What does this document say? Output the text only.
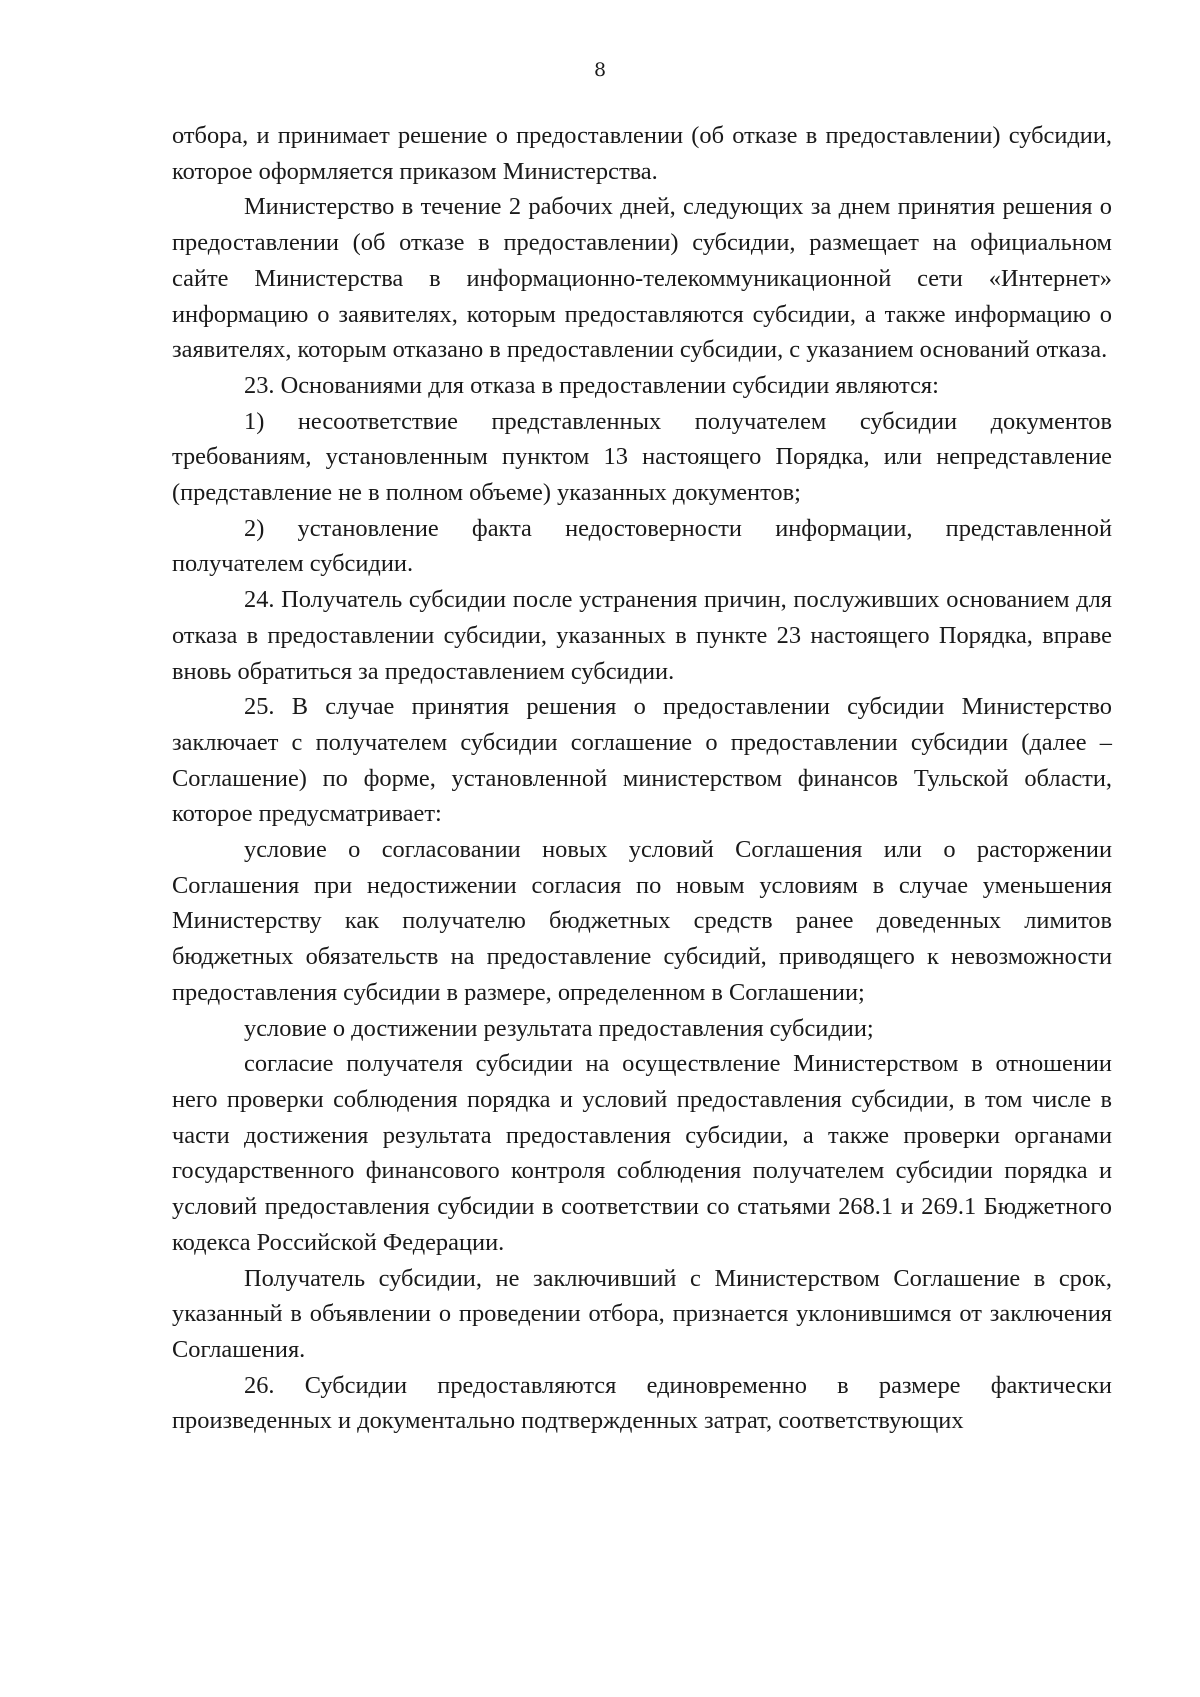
8

отбора, и принимает решение о предоставлении (об отказе в предоставлении) субсидии, которое оформляется приказом Министерства.

Министерство в течение 2 рабочих дней, следующих за днем принятия решения о предоставлении (об отказе в предоставлении) субсидии, размещает на официальном сайте Министерства в информационно-телекоммуникационной сети «Интернет» информацию о заявителях, которым предоставляются субсидии, а также информацию о заявителях, которым отказано в предоставлении субсидии, с указанием оснований отказа.

23. Основаниями для отказа в предоставлении субсидии являются:

1) несоответствие представленных получателем субсидии документов требованиям, установленным пунктом 13 настоящего Порядка, или непредставление (представление не в полном объеме) указанных документов;

2) установление факта недостоверности информации, представленной получателем субсидии.

24. Получатель субсидии после устранения причин, послуживших основанием для отказа в предоставлении субсидии, указанных в пункте 23 настоящего Порядка, вправе вновь обратиться за предоставлением субсидии.

25. В случае принятия решения о предоставлении субсидии Министерство заключает с получателем субсидии соглашение о предоставлении субсидии (далее – Соглашение) по форме, установленной министерством финансов Тульской области, которое предусматривает:

условие о согласовании новых условий Соглашения или о расторжении Соглашения при недостижении согласия по новым условиям в случае уменьшения Министерству как получателю бюджетных средств ранее доведенных лимитов бюджетных обязательств на предоставление субсидий, приводящего к невозможности предоставления субсидии в размере, определенном в Соглашении;

условие о достижении результата предоставления субсидии;

согласие получателя субсидии на осуществление Министерством в отношении него проверки соблюдения порядка и условий предоставления субсидии, в том числе в части достижения результата предоставления субсидии, а также проверки органами государственного финансового контроля соблюдения получателем субсидии порядка и условий предоставления субсидии в соответствии со статьями 268.1 и 269.1 Бюджетного кодекса Российской Федерации.

Получатель субсидии, не заключивший с Министерством Соглашение в срок, указанный в объявлении о проведении отбора, признается уклонившимся от заключения Соглашения.

26. Субсидии предоставляются единовременно в размере фактически произведенных и документально подтвержденных затрат, соответствующих
